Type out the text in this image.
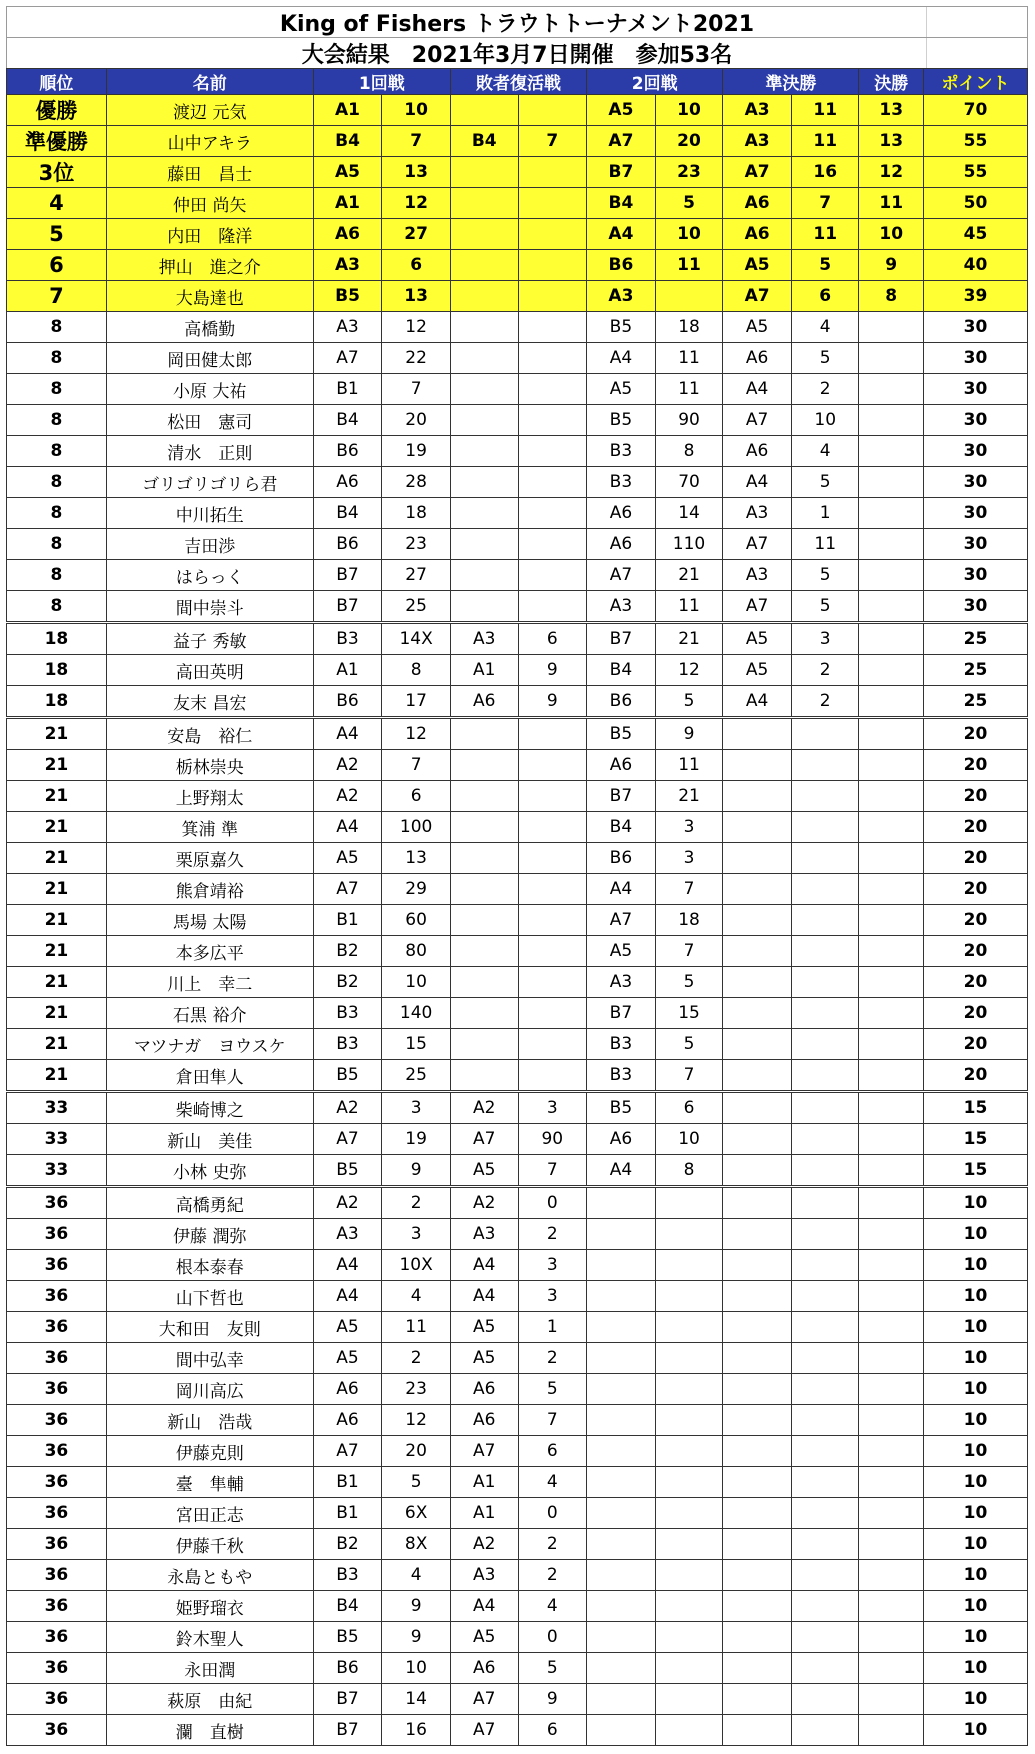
King of Fishers トラウトトーナメント2021
大会結果　2021年3月7日開催　参加53名
順位	名前	1回戦		敗者復活戦		2回戦		準決勝		決勝	ポイント
優勝	渡辺 元気	A1	10			A5	10	A3	11	13	70
準優勝	山中アキラ	B4	7	B4	7	A7	20	A3	11	13	55
3位	藤田　昌士	A5	13			B7	23	A7	16	12	55
4	仲田 尚矢	A1	12			B4	5	A6	7	11	50
5	内田　隆洋	A6	27			A4	10	A6	11	10	45
6	押山　進之介	A3	6			B6	11	A5	5	9	40
7	大島達也	B5	13			A3		A7	6	8	39
8	高橋勤	A3	12			B5	18	A5	4		30
8	岡田健太郎	A7	22			A4	11	A6	5		30
8	小原 大祐	B1	7			A5	11	A4	2		30
8	松田　憲司	B4	20			B5	90	A7	10		30
8	清水　正則	B6	19			B3	8	A6	4		30
8	ゴリゴリゴリら君	A6	28			B3	70	A4	5		30
8	中川拓生	B4	18			A6	14	A3	1		30
8	吉田渉	B6	23			A6	110	A7	11		30
8	はらっく	B7	27			A7	21	A3	5		30
8	間中崇斗	B7	25			A3	11	A7	5		30
18	益子 秀敏	B3	14X	A3	6	B7	21	A5	3		25
18	高田英明	A1	8	A1	9	B4	12	A5	2		25
18	友末 昌宏	B6	17	A6	9	B6	5	A4	2		25
21	安島　裕仁	A4	12			B5	9				20
21	栃林崇央	A2	7			A6	11				20
21	上野翔太	A2	6			B7	21				20
21	箕浦 準	A4	100			B4	3				20
21	栗原嘉久	A5	13			B6	3				20
21	熊倉靖裕	A7	29			A4	7				20
21	馬場 太陽	B1	60			A7	18				20
21	本多広平	B2	80			A5	7				20
21	川上　幸二	B2	10			A3	5				20
21	石黒 裕介	B3	140			B7	15				20
21	マツナガ　ヨウスケ	B3	15			B3	5				20
21	倉田隼人	B5	25			B3	7				20
33	柴崎博之	A2	3	A2	3	B5	6				15
33	新山　美佳	A7	19	A7	90	A6	10				15
33	小林 史弥	B5	9	A5	7	A4	8				15
36	高橋勇紀	A2	2	A2	0						10
36	伊藤 潤弥	A3	3	A3	2						10
36	根本泰春	A4	10X	A4	3						10
36	山下哲也	A4	4	A4	3						10
36	大和田　友則	A5	11	A5	1						10
36	間中弘幸	A5	2	A5	2						10
36	岡川高広	A6	23	A6	5						10
36	新山　浩哉	A6	12	A6	7						10
36	伊藤克則	A7	20	A7	6						10
36	臺　隼輔	B1	5	A1	4						10
36	宮田正志	B1	6X	A1	0						10
36	伊藤千秋	B2	8X	A2	2						10
36	永島ともや	B3	4	A3	2						10
36	姫野瑠衣	B4	9	A4	4						10
36	鈴木聖人	B5	9	A5	0						10
36	永田潤	B6	10	A6	5						10
36	萩原　由紀	B7	14	A7	9						10
36	瀾　直樹	B7	16	A7	6						10
